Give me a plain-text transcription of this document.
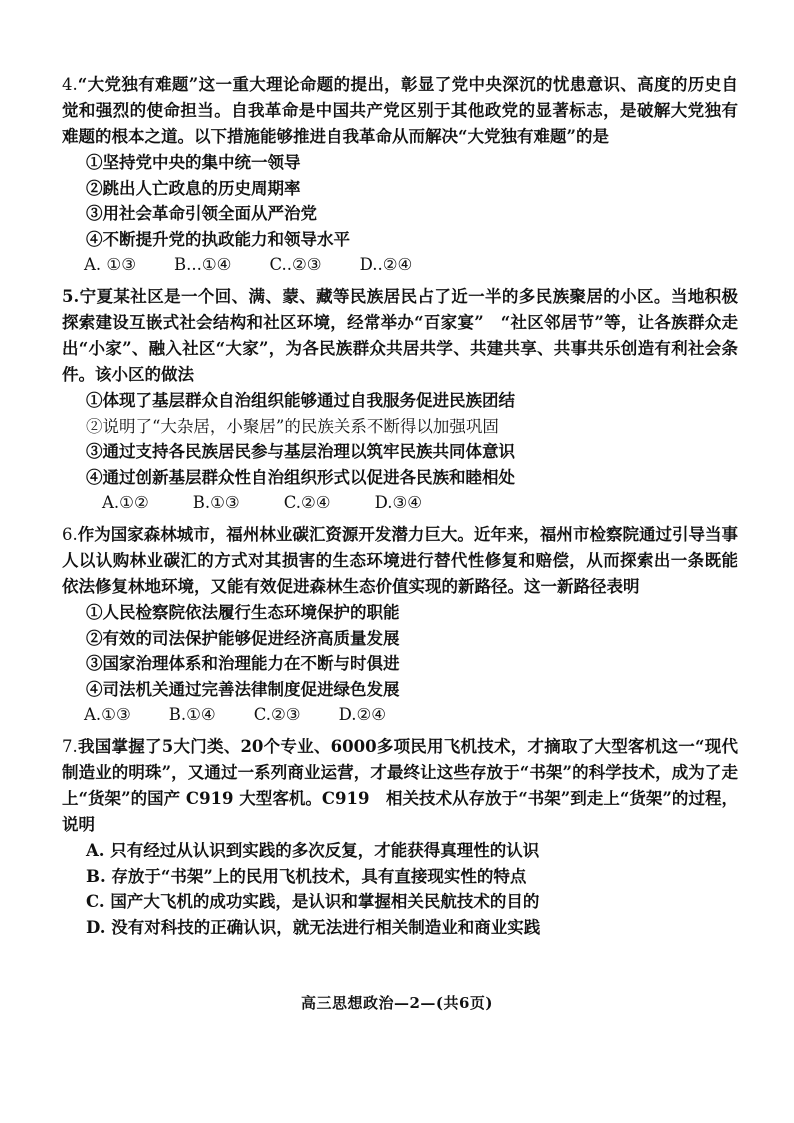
4.“大党独有难题”这一重大理论命题的提出，彰显了党中央深沉的忧患意识、高度的历史自觉和强烈的使命担当。自我革命是中国共产党区别于其他政党的显著标志，是破解大党独有难题的根本之道。以下措施能够推进自我革命从而解决“大党独有难题”的是
①坚持党中央的集中统一领导
②跳出人亡政息的历史周期率
③用社会革命引领全面从严治党
④不断提升党的执政能力和领导水平
A. ①③ B...①④ C..②③ D..②④
5.宁夏某社区是一个回、满、蒙、藏等民族居民占了近一半的多民族聚居的小区。当地积极探索建设互嵌式社会结构和社区环境，经常举办“百家宴”　“社区邻居节”等，让各族群众走出“小家”、融入社区“大家”，为各民族群众共居共学、共建共享、共事共乐创造有利社会条件。该小区的做法
①体现了基层群众自治组织能够通过自我服务促进民族团结
②说明了“大杂居，小聚居”的民族关系不断得以加强巩固
③通过支持各民族居民参与基层治理以筑牢民族共同体意识
④通过创新基层群众性自治组织形式以促进各民族和睦相处
A.①②	B.①③	C.②④	D.③④
6.作为国家森林城市，福州林业碳汇资源开发潜力巨大。近年来，福州市检察院通过引导当事人以认购林业碳汇的方式对其损害的生态环境进行替代性修复和赔偿，从而探索出一条既能依法修复林地环境，又能有效促进森林生态价值实现的新路径。这一新路径表明
①人民检察院依法履行生态环境保护的职能
②有效的司法保护能够促进经济高质量发展
③国家治理体系和治理能力在不断与时俱进
④司法机关通过完善法律制度促进绿色发展
A.①③ B.①④ C.②③ D.②④
7.我国掌握了5大门类、20个专业、6000多项民用飞机技术，才摘取了大型客机这一“现代制造业的明珠”，又通过一系列商业运营，才最终让这些存放于“书架”的科学技术，成为了走上“货架”的国产 C919 大型客机。C919　相关技术从存放于“书架”到走上“货架”的过程，说明
A. 只有经过从认识到实践的多次反复，才能获得真理性的认识
B. 存放于“书架”上的民用飞机技术，具有直接现实性的特点
C. 国产大飞机的成功实践，是认识和掌握相关民航技术的目的
D. 没有对科技的正确认识，就无法进行相关制造业和商业实践
高三思想政治—2—(共6页)
